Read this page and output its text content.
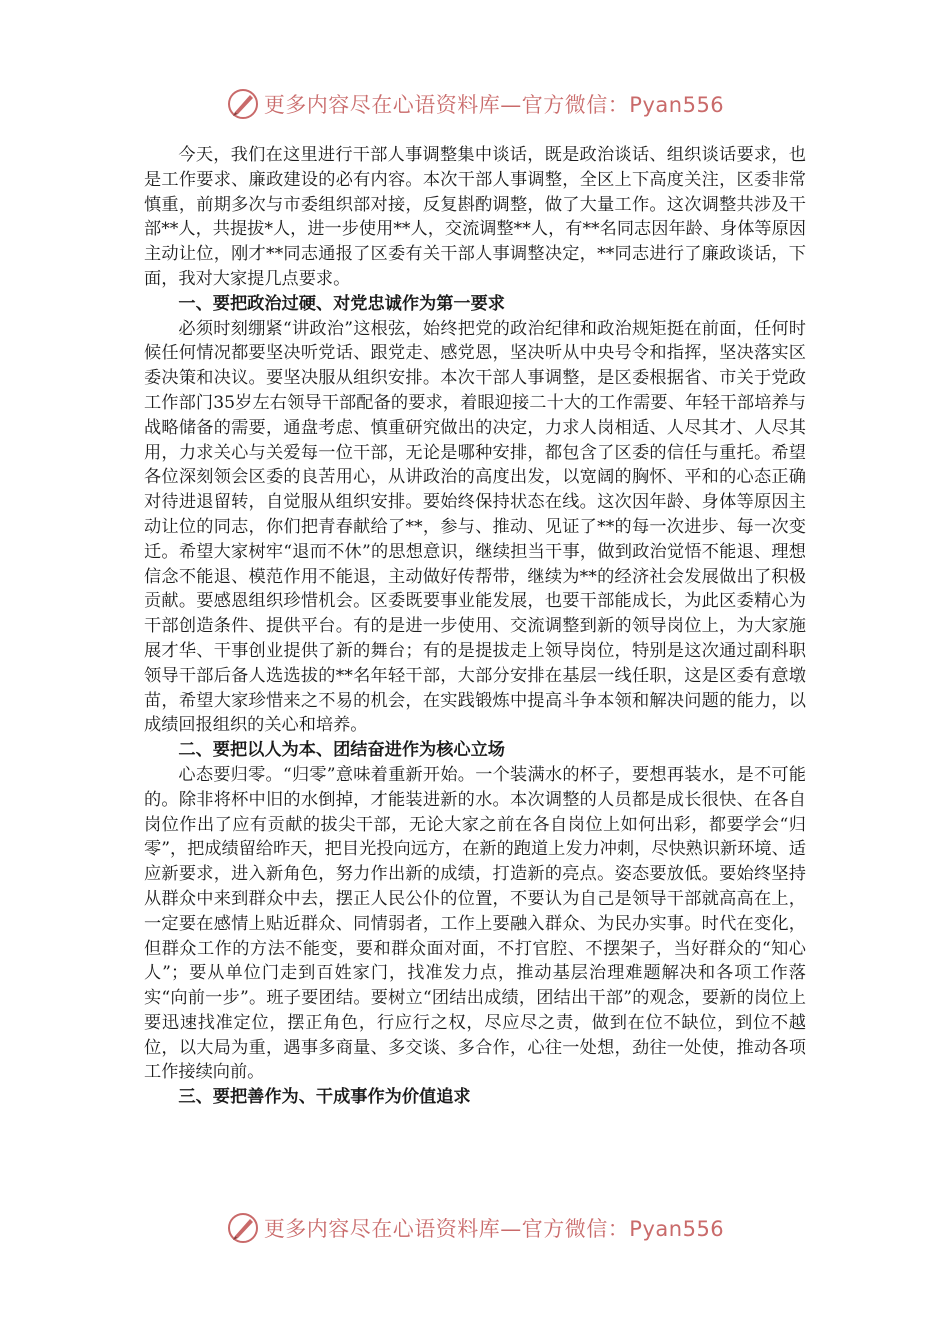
更多内容尽在心语资料库—官方微信：Pyan556

今天，我们在这里进行干部人事调整集中谈话，既是政治谈话、组织谈话要求，也是工作要求、廉政建设的必有内容。本次干部人事调整，全区上下高度关注，区委非常慎重，前期多次与市委组织部对接，反复斟酌调整，做了大量工作。这次调整共涉及干部**人，共提拔*人，进一步使用**人，交流调整**人，有**名同志因年龄、身体等原因主动让位，刚才**同志通报了区委有关干部人事调整决定，**同志进行了廉政谈话，下面，我对大家提几点要求。

一、要把政治过硬、对党忠诚作为第一要求

必须时刻绷紧“讲政治”这根弦，始终把党的政治纪律和政治规矩挺在前面，任何时候任何情况都要坚决听党话、跟党走、感党恩，坚决听从中央号令和指挥，坚决落实区委决策和决议。要坚决服从组织安排。本次干部人事调整，是区委根据省、市关于党政工作部门35岁左右领导干部配备的要求，着眼迎接二十大的工作需要、年轻干部培养与战略储备的需要，通盘考虑、慎重研究做出的决定，力求人岗相适、人尽其才、人尽其用，力求关心与关爱每一位干部，无论是哪种安排，都包含了区委的信任与重托。希望各位深刻领会区委的良苦用心，从讲政治的高度出发，以宽阔的胸怀、平和的心态正确对待进退留转，自觉服从组织安排。要始终保持状态在线。这次因年龄、身体等原因主动让位的同志，你们把青春献给了**，参与、推动、见证了**的每一次进步、每一次变迁。希望大家树牢“退而不休”的思想意识，继续担当干事，做到政治觉悟不能退、理想信念不能退、模范作用不能退，主动做好传帮带，继续为**的经济社会发展做出了积极贡献。要感恩组织珍惜机会。区委既要事业能发展，也要干部能成长，为此区委精心为干部创造条件、提供平台。有的是进一步使用、交流调整到新的领导岗位上，为大家施展才华、干事创业提供了新的舞台；有的是提拔走上领导岗位，特别是这次通过副科职领导干部后备人选选拔的**名年轻干部，大部分安排在基层一线任职，这是区委有意墩苗，希望大家珍惜来之不易的机会，在实践锻炼中提高斗争本领和解决问题的能力，以成绩回报组织的关心和培养。

二、要把以人为本、团结奋进作为核心立场

心态要归零。“归零”意味着重新开始。一个装满水的杯子，要想再装水，是不可能的。除非将杯中旧的水倒掉，才能装进新的水。本次调整的人员都是成长很快、在各自岗位作出了应有贡献的拔尖干部，无论大家之前在各自岗位上如何出彩，都要学会“归零”，把成绩留给昨天，把目光投向远方，在新的跑道上发力冲刺，尽快熟识新环境、适应新要求，进入新角色，努力作出新的成绩，打造新的亮点。姿态要放低。要始终坚持从群众中来到群众中去，摆正人民公仆的位置，不要认为自己是领导干部就高高在上，一定要在感情上贴近群众、同情弱者，工作上要融入群众、为民办实事。时代在变化，但群众工作的方法不能变，要和群众面对面，不打官腔、不摆架子，当好群众的“知心人”；要从单位门走到百姓家门，找准发力点，推动基层治理难题解决和各项工作落实“向前一步”。班子要团结。要树立“团结出成绩，团结出干部”的观念，要新的岗位上要迅速找准定位，摆正角色，行应行之权，尽应尽之责，做到在位不缺位，到位不越位，以大局为重，遇事多商量、多交谈、多合作，心往一处想，劲往一处使，推动各项工作接续向前。

三、要把善作为、干成事作为价值追求
更多内容尽在心语资料库—官方微信：Pyan556
